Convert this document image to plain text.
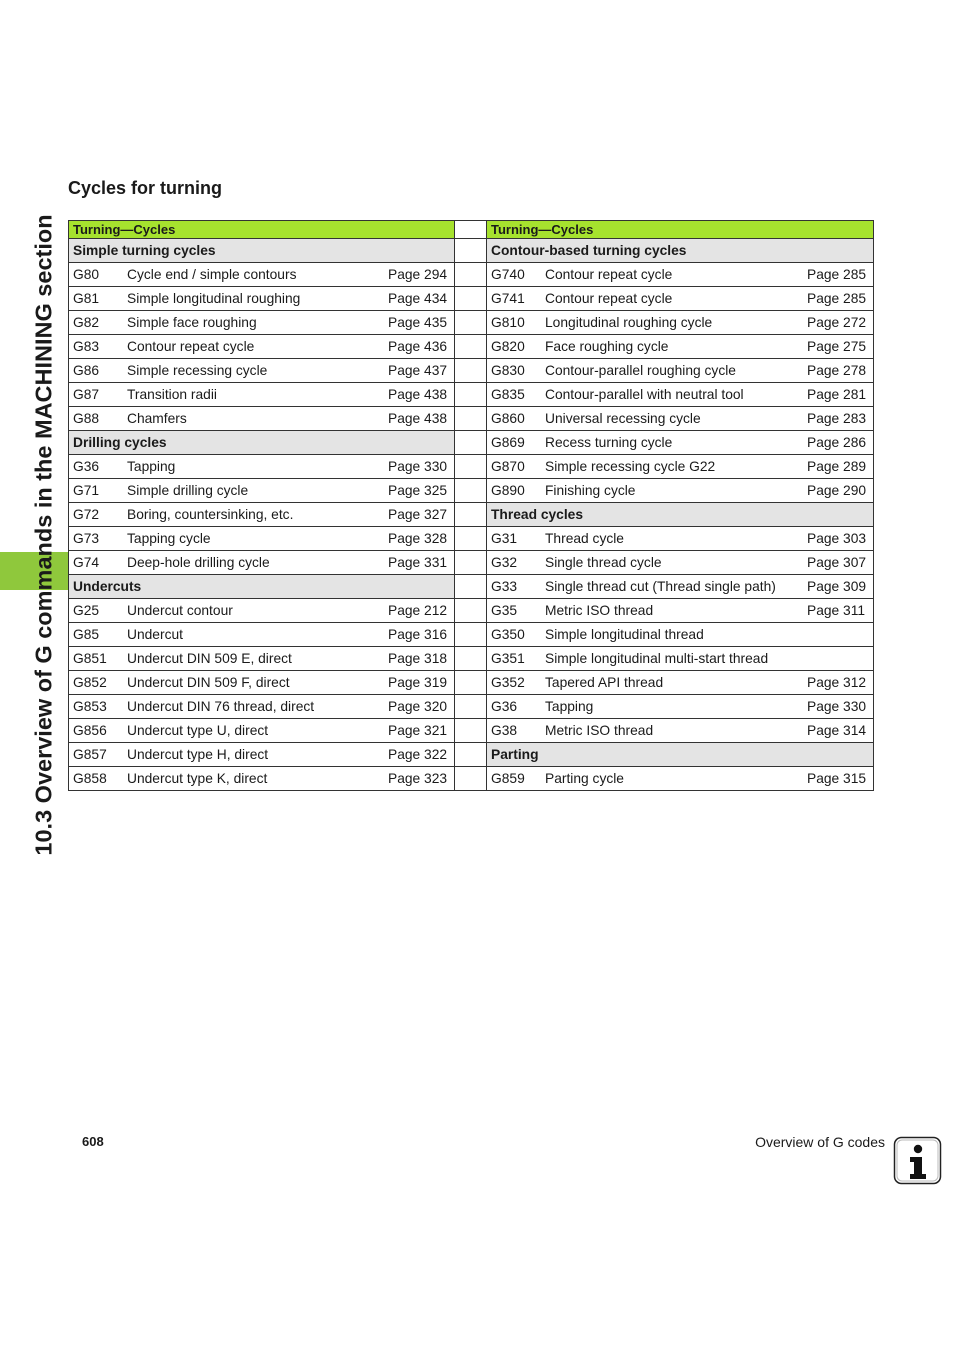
10.3 Overview of G commands in the MACHINING section
Cycles for turning
Turning—Cycles		Turning—Cycles
Simple turning cycles		Contour-based turning cycles

G80 Cycle end / simple contours Page 294		G740 Contour repeat cycle Page 285

G81 Simple longitudinal roughing Page 434		G741 Contour repeat cycle Page 285

G82 Simple face roughing Page 435		G810 Longitudinal roughing cycle Page 272

G83 Contour repeat cycle Page 436		G820 Face roughing cycle Page 275

G86 Simple recessing cycle Page 437		G830 Contour-parallel roughing cycle Page 278

G87 Transition radii Page 438		G835 Contour-parallel with neutral tool Page 281

G88 Chamfers Page 438		G860 Universal recessing cycle Page 283

Drilling cycles		G869 Recess turning cycle Page 286

G36 Tapping Page 330		G870 Simple recessing cycle G22 Page 289

G71 Simple drilling cycle Page 325		G890 Finishing cycle Page 290

G72 Boring, countersinking, etc. Page 327		Thread cycles

G73 Tapping cycle Page 328		G31 Thread cycle Page 303

G74 Deep-hole drilling cycle Page 331		G32 Single thread cycle Page 307

Undercuts		G33 Single thread cut (Thread single path) Page 309

G25 Undercut contour Page 212		G35 Metric ISO thread Page 311

G85 Undercut Page 316		G350 Simple longitudinal thread

G851 Undercut DIN 509 E, direct Page 318		G351 Simple longitudinal multi-start thread

G852 Undercut DIN 509 F, direct Page 319		G352 Tapered API thread Page 312

G853 Undercut DIN 76 thread, direct Page 320		G36 Tapping Page 330

G856 Undercut type U, direct Page 321		G38 Metric ISO thread Page 314

G857 Undercut type H, direct Page 322		Parting

G858 Undercut type K, direct Page 323		G859 Parting cycle Page 315
608	Overview of G codes
